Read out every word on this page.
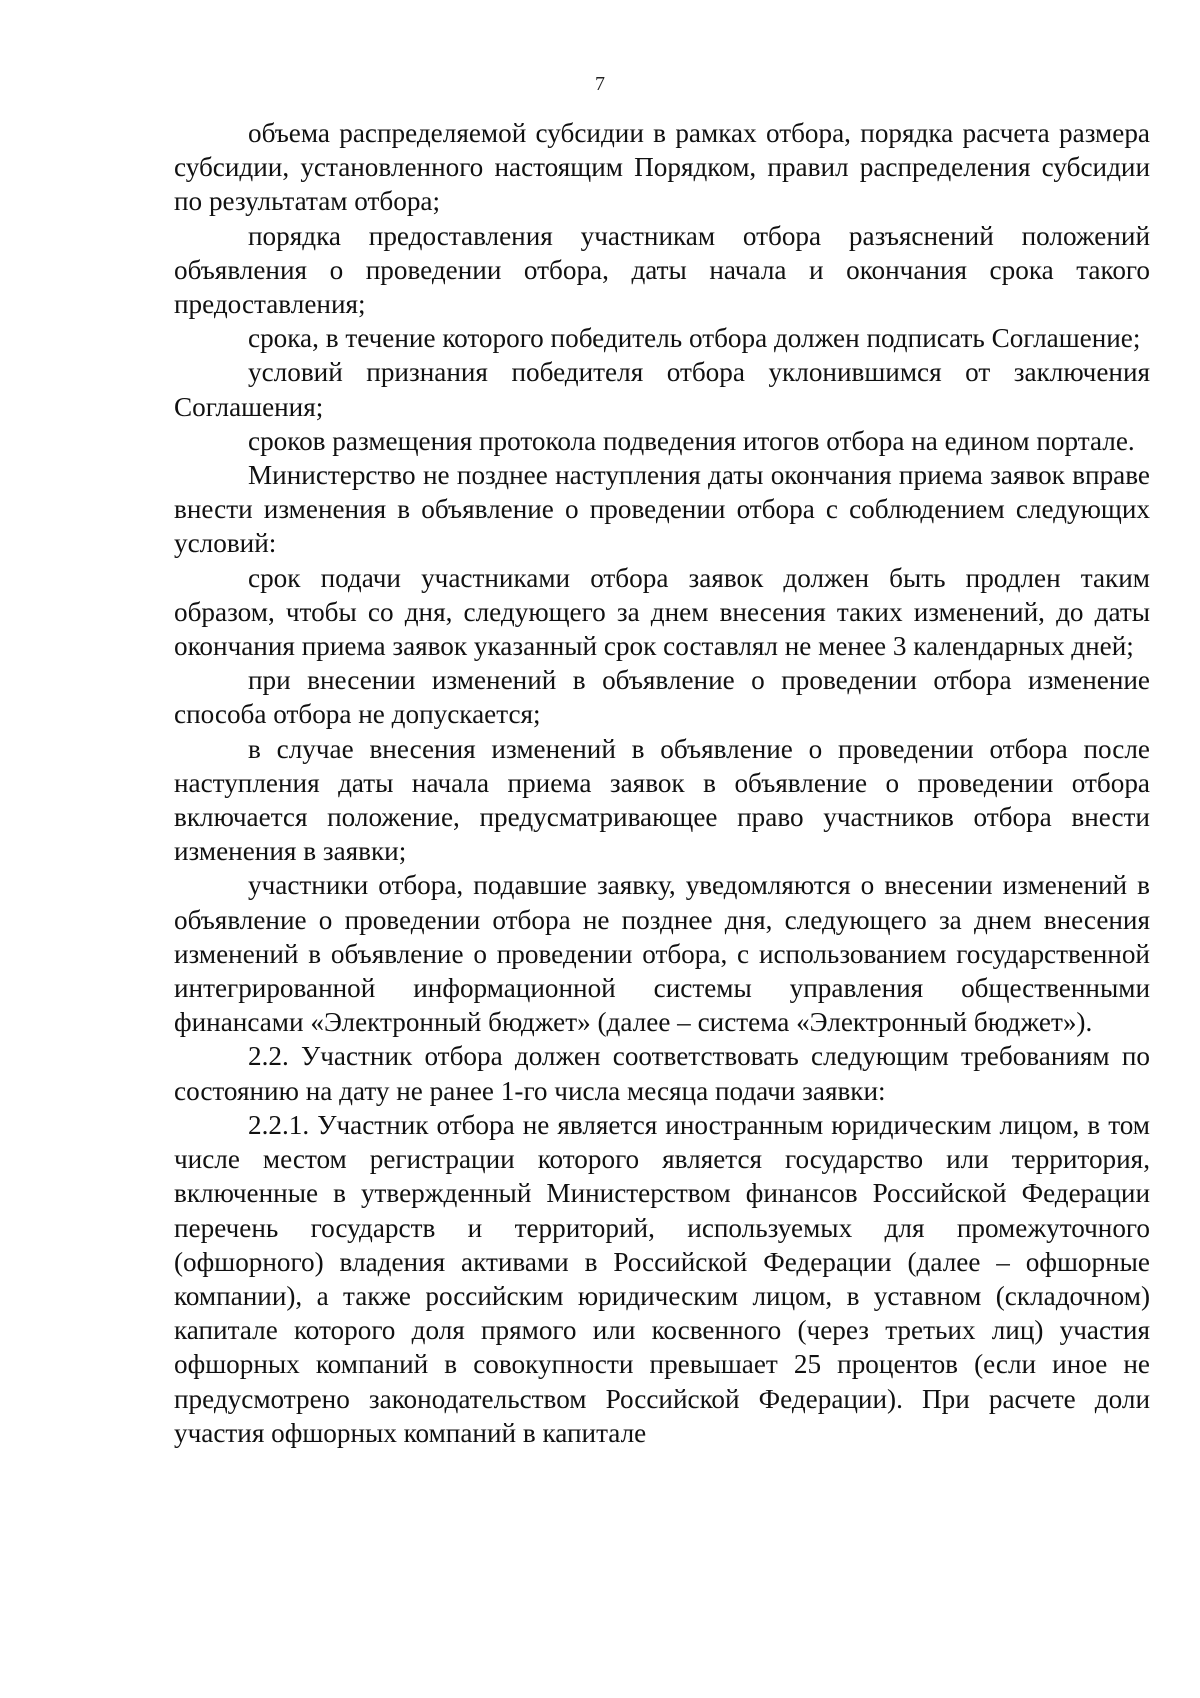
7

объема распределяемой субсидии в рамках отбора, порядка расчета размера субсидии, установленного настоящим Порядком, правил распределения субсидии по результатам отбора;

порядка предоставления участникам отбора разъяснений положений объявления о проведении отбора, даты начала и окончания срока такого предоставления;

срока, в течение которого победитель отбора должен подписать Соглашение;

условий признания победителя отбора уклонившимся от заключения Соглашения;

сроков размещения протокола подведения итогов отбора на едином портале.

Министерство не позднее наступления даты окончания приема заявок вправе внести изменения в объявление о проведении отбора с соблюдением следующих условий:

срок подачи участниками отбора заявок должен быть продлен таким образом, чтобы со дня, следующего за днем внесения таких изменений, до даты окончания приема заявок указанный срок составлял не менее 3 календарных дней;

при внесении изменений в объявление о проведении отбора изменение способа отбора не допускается;

в случае внесения изменений в объявление о проведении отбора после наступления даты начала приема заявок в объявление о проведении отбора включается положение, предусматривающее право участников отбора внести изменения в заявки;

участники отбора, подавшие заявку, уведомляются о внесении изменений в объявление о проведении отбора не позднее дня, следующего за днем внесения изменений в объявление о проведении отбора, с использованием государственной интегрированной информационной системы управления общественными финансами «Электронный бюджет» (далее – система «Электронный бюджет»).

2.2. Участник отбора должен соответствовать следующим требованиям по состоянию на дату не ранее 1-го числа месяца подачи заявки:

2.2.1. Участник отбора не является иностранным юридическим лицом, в том числе местом регистрации которого является государство или территория, включенные в утвержденный Министерством финансов Российской Федерации перечень государств и территорий, используемых для промежуточного (офшорного) владения активами в Российской Федерации (далее – офшорные компании), а также российским юридическим лицом, в уставном (складочном) капитале которого доля прямого или косвенного (через третьих лиц) участия офшорных компаний в совокупности превышает 25 процентов (если иное не предусмотрено законодательством Российской Федерации). При расчете доли участия офшорных компаний в капитале
